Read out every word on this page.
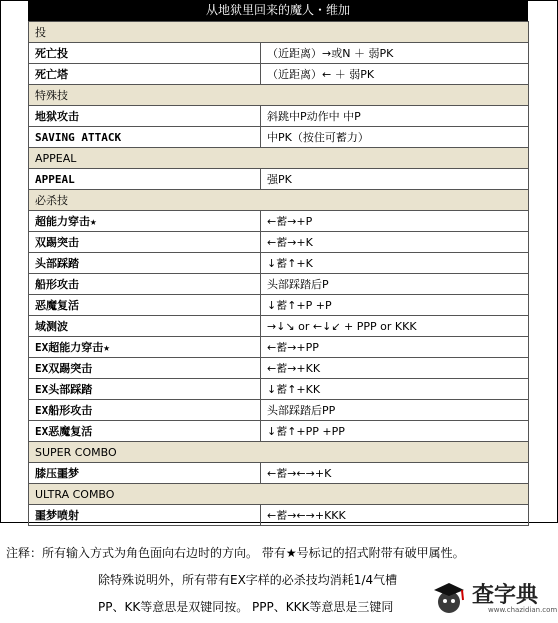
从地狱里回来的魔人・维加
投	
死亡投	（近距离）→或N ＋ 弱PK
死亡塔	（近距离）← ＋ 弱PK
特殊技	
地狱攻击	斜跳中P动作中 中P
SAVING ATTACK	中PK（按住可蓄力）
APPEAL	
APPEAL	强PK
必杀技	
超能力穿击★	←蓄→+P
双踢突击	←蓄→+K
头部踩踏	↓蓄↑+K
船形攻击	头部踩踏后P
恶魔复活	↓蓄↑+P +P
域测波	→↓↘ or ←↓↙ + PPP or KKK
EX超能力穿击★	←蓄→+PP
EX双踢突击	←蓄→+KK
EX头部踩踏	↓蓄↑+KK
EX船形攻击	头部踩踏后PP
EX恶魔复活	↓蓄↑+PP +PP
SUPER COMBO	
膝压噩梦	←蓄→←→+K
ULTRA COMBO	
噩梦喷射	←蓄→←→+KKK
注释：所有输入方式为角色面向右边时的方向。 带有★号标记的招式附带有破甲属性。
除特殊说明外，所有带有EX字样的必杀技均消耗1/4气槽
PP、KK等意思是双键同按。 PPP、KKK等意思是三键同	查字典
www.chazidian.com
